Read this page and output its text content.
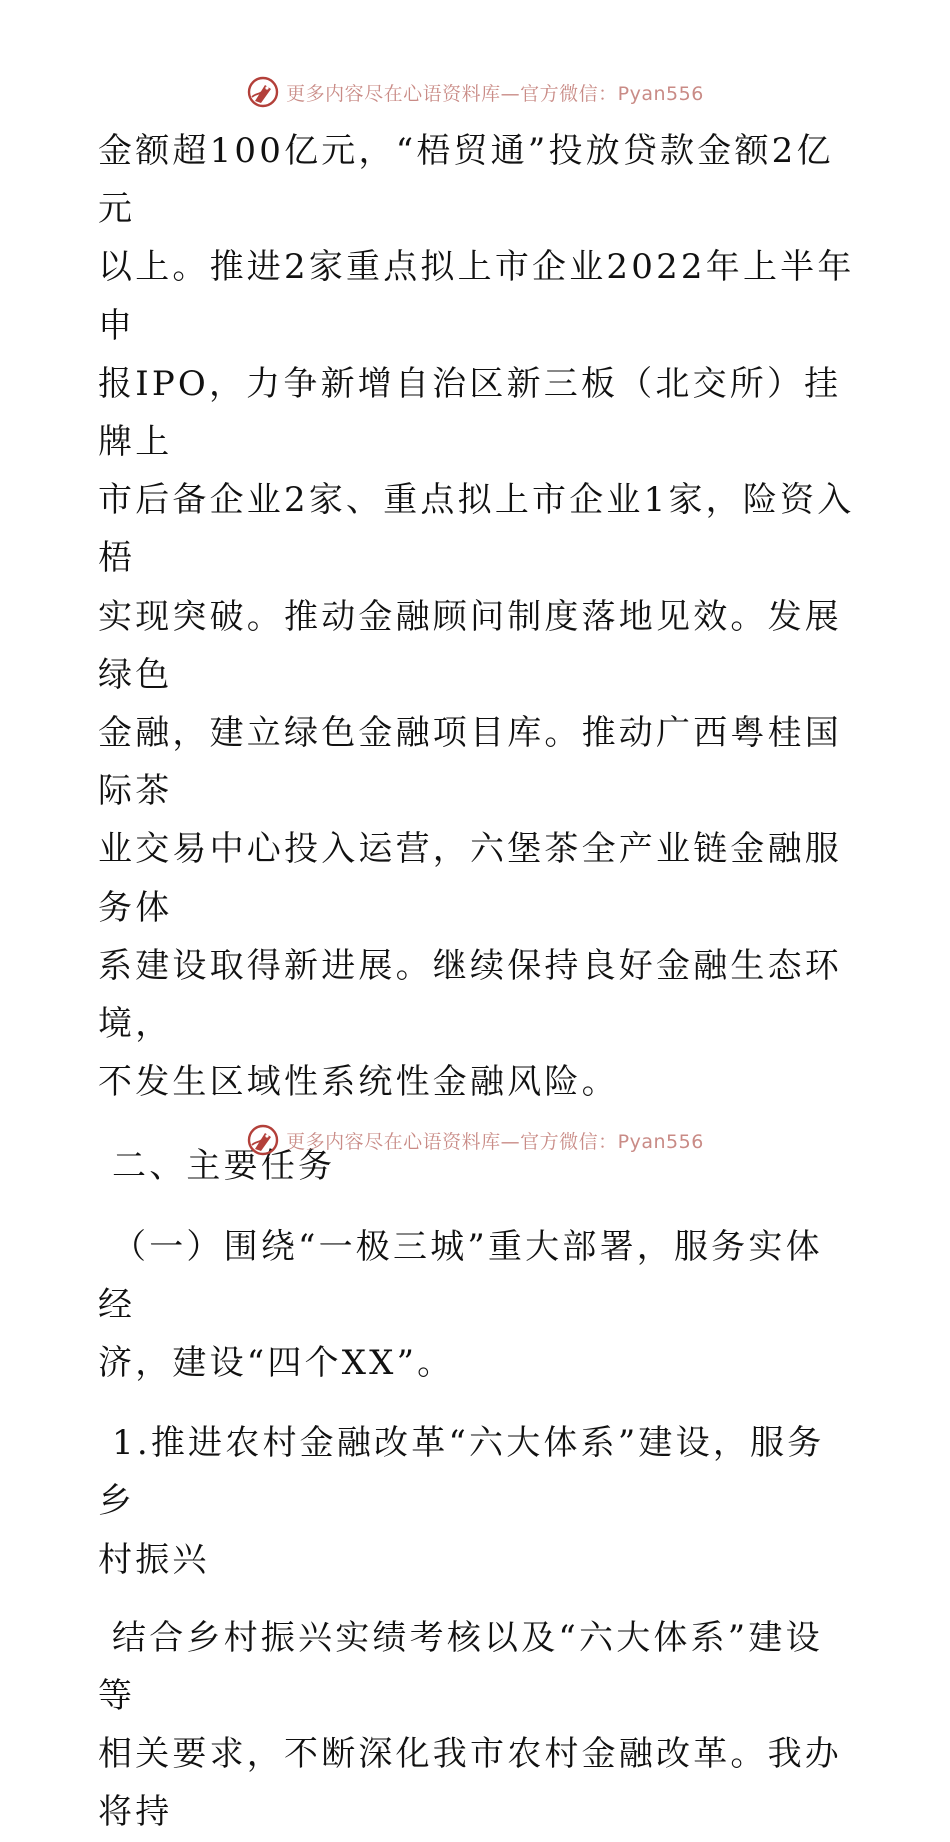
更多内容尽在心语资料库—官方微信：Pyan556

金额超100亿元，“梧贸通”投放贷款金额2亿元
以上。推进2家重点拟上市企业2022年上半年申
报IPO，力争新增自治区新三板（北交所）挂牌上
市后备企业2家、重点拟上市企业1家，险资入梧
实现突破。推动金融顾问制度落地见效。发展绿色
金融，建立绿色金融项目库。推动广西粤桂国际茶
业交易中心投入运营，六堡茶全产业链金融服务体
系建设取得新进展。继续保持良好金融生态环境，
不发生区域性系统性金融风险。

二、主要任务

（一）围绕“一极三城”重大部署，服务实体经
济，建设“四个XX”。

1.推进农村金融改革“六大体系”建设，服务乡
村振兴

结合乡村振兴实绩考核以及“六大体系”建设等
相关要求，不断深化我市农村金融改革。我办将持

更多内容尽在心语资料库—官方微信：Pyan556
